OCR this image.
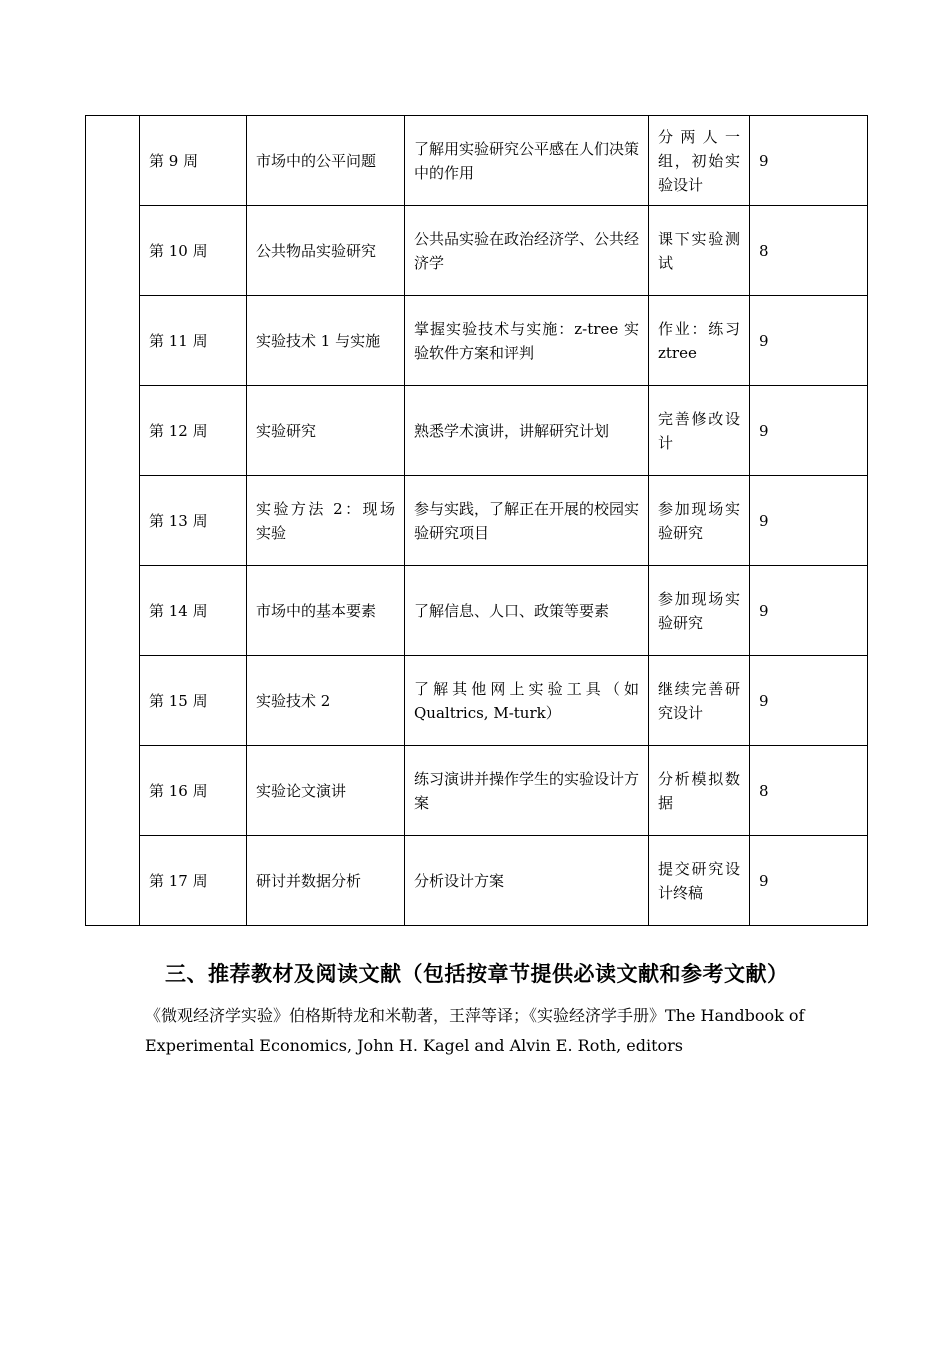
	第 9 周	市场中的公平问题	了解用实验研究公平感在人们决策中的作用	分两人一组，初始实验设计	9
	第 10 周	公共物品实验研究	公共品实验在政治经济学、公共经济学	课下实验测试	8
	第 11 周	实验技术 1 与实施	掌握实验技术与实施：z-tree 实验软件方案和评判	作业：练习 ztree	9
	第 12 周	实验研究	熟悉学术演讲，讲解研究计划	完善修改设计	9
	第 13 周	实验方法 2：现场 实验	参与实践，了解正在开展的校园实验研究项目	参加现场实验研究	9
	第 14 周	市场中的基本要素	了解信息、人口、政策等要素	参加现场实验研究	9
	第 15 周	实验技术 2	了解其他网上实验工具（如 Qualtrics, M-turk）	继续完善研究设计	9
	第 16 周	实验论文演讲	练习演讲并操作学生的实验设计方案	分析模拟数据	8
	第 17 周	研讨并数据分析	分析设计方案	提交研究设计终稿	9
三、推荐教材及阅读文献（包括按章节提供必读文献和参考文献）

《微观经济学实验》伯格斯特龙和米勒著，王萍等译；《实验经济学手册》The Handbook of Experimental Economics, John H. Kagel and Alvin E. Roth, editors
